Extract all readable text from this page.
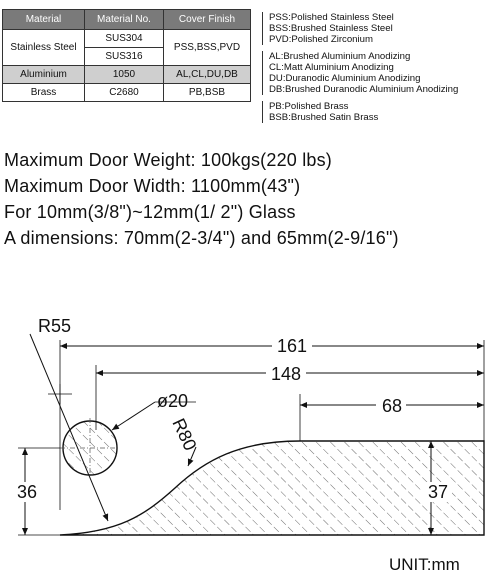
Material	Material No.	Cover Finish
Stainless Steel	SUS304	PSS,BSS,PVD
	SUS316	
Aluminium	1050	AL,CL,DU,DB
Brass	C2680	PB,BSB
PSS:Polished Stainless Steel
BSS:Brushed Stainless Steel
PVD:Polished Zirconium
AL:Brushed Aluminium Anodizing
CL:Matt Aluminium Anodizing
DU:Duranodic Aluminium Anodizing
DB:Brushed Duranodic Aluminium Anodizing
PB:Polished Brass
BSB:Brushed Satin Brass
Maximum Door Weight: 100kgs(220 lbs)
Maximum Door Width: 1100mm(43")
For 10mm(3/8")~12mm(1/ 2") Glass
A dimensions: 70mm(2-3/4") and 65mm(2-9/16")
161
148
68
36	37
R55
ø20
R80
UNIT:mm
